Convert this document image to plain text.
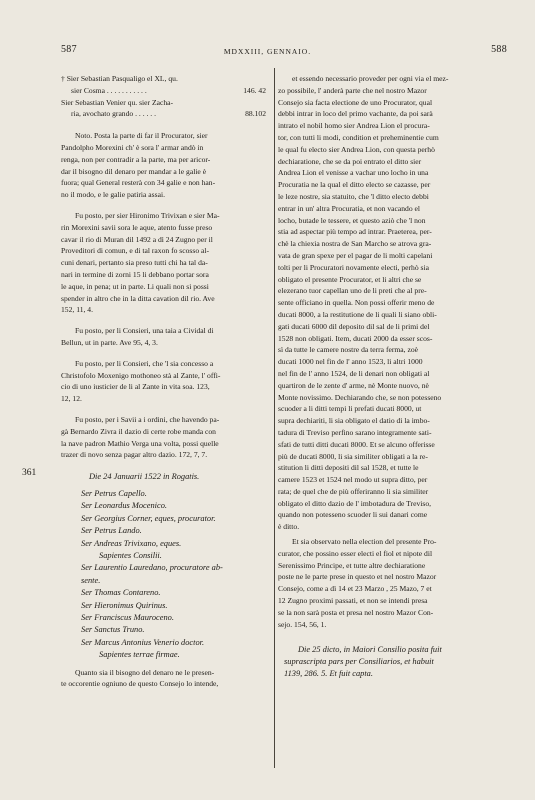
587	MDXXIII, GENNAIO.	588
361
† Sier Sebastian Pasqualigo el XL, qu.
sier Cosma . . . . . . . . . . .	146. 42
Sier Sebastian Venier qu. sier Zacha-
ria, avochato grando . . . . . .	88.102
Noto. Posta la parte di far il Procurator, sier
Pandolpho Morexini ch' è sora l' armar andò in
renga, non per contradir a la parte, ma per aricor-
dar il bisogno dil denaro per mandar a le galie è
fuora; qual General resterà con 34 galie e non han-
no il modo, e le galie patiria assai.
Fu posto, per sier Hironimo Trivixan e sier Ma-
rin Morexini savii sora le aque, atento fusse preso
cavar il rio di Muran dil 1492 a dì 24 Zugno per il
Proveditori di comun, e di tal raxon fo scosso al-
cuni denari, pertanto sia preso tutti chi ha tal da-
nari in termine di zorni 15 li debbano portar sora
le aque, in pena; ut in parte. Li quali non si possi
spender in altro che in la ditta cavation dil rio. Ave
152, 11, 4.
Fu posto, per li Consieri, una taia a Cividal di
Bellun, ut in parte. Ave 95, 4, 3.
Fu posto, per li Consieri, che 'l sia concesso a
Christofolo Moxenigo mothoneo stà al Zante, l' offi-
cio di uno iusticier de li al Zante in vita soa. 123,
12, 12.
Fu posto, per i Savii a i ordini, che havendo pa-
gà Bernardo Zivra il dazio di certe robe manda con
la nave padron Mathio Verga una volta, possi quelle
trazer di novo senza pagar altro dazio. 172, 7, 7.
Die 24 Januarii 1522 in Rogatis.
Ser Petrus Capello.
Ser Leonardus Mocenico.
Ser Georgius Corner, eques, procurator.
Ser Petrus Lando.
Ser Andreas Trivixano, eques.
Sapientes Consilii.
Ser Laurentio Lauredano, procuratore ab-
sente.
Ser Thomas Contareno.
Ser Hieronimus Quirinus.
Ser Franciscus Mauroceno.
Ser Sanctus Truno.
Ser Marcus Antonius Venerio doctor.
Sapientes terrae firmae.
Quanto sia il bisogno del denaro ne le presen-
te occorentie ogniuno de questo Consejo lo intende,
et essendo necessario proveder per ogni via el mez-
zo possibile, l' anderà parte che nel nostro Mazor
Consejo sia facta electione de uno Procurator, qual
debbi intrar in loco del primo vachante, da poi sarà
intrato el nobil homo sier Andrea Lion el procura-
tor, con tutti li modi, condition et preheminentie cum
le qual fu electo sier Andrea Lion, con questa perhò
dechiaratione, che se da poi entrato el ditto sier
Andrea Lion el venisse a vachar uno locho in una
Procuratia ne la qual el ditto electo se cazasse, per
le leze nostre, sia statuito, che 'l ditto electo debbi
entrar in un' altra Procuratia, et non vacando el
locho, butade le tessere, et questo aziò che 'l non
stia ad aspectar più tempo ad intrar. Praeterea, per-
chè la chiexia nostra de San Marcho se atrova gra-
vata de gran spexe per el pagar de li molti capelani
tolti per li Procuratori novamente electi, perhò sia
obligato el presente Procurator, et li altri che se
elezerano tuor capellan uno de li preti che al pre-
sente officiano in quella. Non possi offerir meno de
ducati 8000, a la restitutione de li quali li siano obli-
gati ducati 6000 dil deposito dil sal de li primi del
1528 non obligati. Item, ducati 2000 da esser scos-
sì da tutte le camere nostre da terra ferma, zoè
ducati 1000 nel fin de l' anno 1523, li altri 1000
nel fin de l' anno 1524, de li denari non obligati al
quartiron de le zente d' arme, nè Monte nuovo, nè
Monte novissimo. Dechiarando che, se non potesseno
scuoder a li ditti tempi li prefati ducati 8000, ut
supra dechiariti, li sia obligato el datio di la imbo-
tadura di Treviso perfino sarano integramente sati-
sfati de tutti ditti ducati 8000. Et se alcuno offerisse
più de ducati 8000, li sia similiter obligati a la re-
stitution li ditti depositi dil sal 1528, et tutte le
camere 1523 et 1524 nel modo ut supra ditto, per
rata; de quel che de più offeriranno li sia similiter
obligato el ditto dazio de l' imbotadura de Treviso,
quando non potesseno scuoder li sui danari come
è ditto.
Et sia observato nella election del presente Pro-
curator, che possino esser electi el fiol et nipote dil
Serenissimo Principe, et tutte altre dechiaratione
poste ne le parte prese in questo et nel nostro Mazor
Consejo, come a dì 14 et 23 Marzo , 25 Mazo, 7 et
12 Zugno proximi passati, et non se intendi presa
se la non sarà posta et presa nel nostro Mazor Con-
sejo. 154, 56, 1.
Die 25 dicto, in Maiori Consilio posita fuit
suprascripta pars per Consiliarios, et habuit
1139, 286. 5. Et fuit capta.
